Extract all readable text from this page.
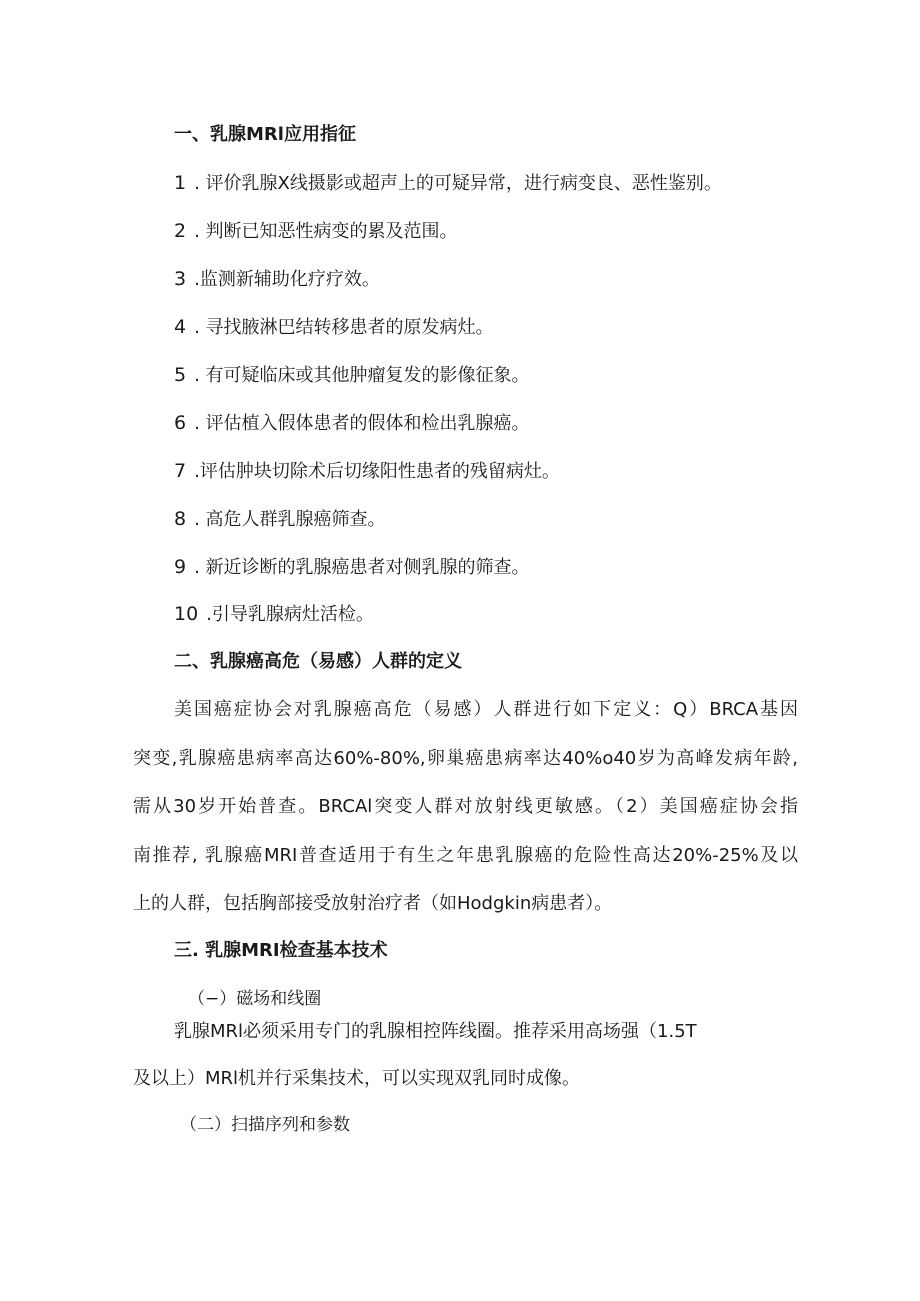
一、乳腺MRl应用指征
1 . 评价乳腺X线摄影或超声上的可疑异常，进行病变良、恶性鉴别。
2 . 判断已知恶性病变的累及范围。
3 .监测新辅助化疗疗效。
4 . 寻找腋淋巴结转移患者的原发病灶。
5 . 有可疑临床或其他肿瘤复发的影像征象。
6 . 评估植入假体患者的假体和检出乳腺癌。
7 .评估肿块切除术后切缘阳性患者的残留病灶。
8 . 高危人群乳腺癌筛查。
9 . 新近诊断的乳腺癌患者对侧乳腺的筛查。
10 .引导乳腺病灶活检。
二、乳腺癌高危（易感）人群的定义
美国癌症协会对乳腺癌高危（易感）人群进行如下定义：Q）BRCA基因
突变,乳腺癌患病率高达60%-80%,卵巢癌患病率达40%o40岁为高峰发病年龄,
需从30岁开始普查。BRCAl突变人群对放射线更敏感。（2）美国癌症协会指
南推荐, 乳腺癌MRI普查适用于有生之年患乳腺癌的危险性高达20%-25%及以
上的人群，包括胸部接受放射治疗者（如Hodgkin病患者）。
三. 乳腺MRI检查基本技术
（−）磁场和线圈
乳腺MRl必须采用专门的乳腺相控阵线圈。推荐采用高场强（1.5T
及以上）MRl机并行采集技术，可以实现双乳同时成像。
（二）扫描序列和参数
